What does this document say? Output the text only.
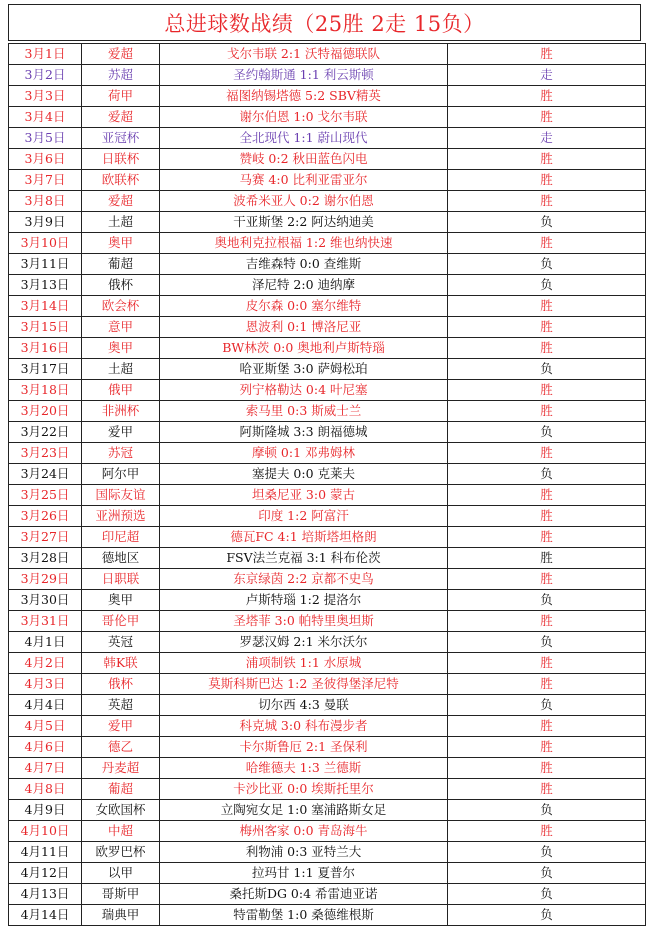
总进球数战绩（25胜 2走 15负）
3月1日	爱超	戈尔韦联 2:1 沃特福德联队	胜
3月2日	苏超	圣约翰斯通 1:1 利云斯顿	走
3月3日	荷甲	福图纳锡塔德 5:2 SBV精英	胜
3月4日	爱超	谢尔伯恩 1:0 戈尔韦联	胜
3月5日	亚冠杯	全北现代 1:1 蔚山现代	走
3月6日	日联杯	赞岐 0:2 秋田蓝色闪电	胜
3月7日	欧联杯	马赛 4:0 比利亚雷亚尔	胜
3月8日	爱超	波希米亚人 0:2 谢尔伯恩	胜
3月9日	土超	干亚斯堡 2:2 阿达纳迪美	负
3月10日	奥甲	奥地利克拉根福 1:2 维也纳快速	胜
3月11日	葡超	吉维森特 0:0 查维斯	负
3月13日	俄杯	泽尼特 2:0 迪纳摩	负
3月14日	欧会杯	皮尔森 0:0 塞尔维特	胜
3月15日	意甲	恩波利 0:1 博洛尼亚	胜
3月16日	奥甲	BW林茨 0:0 奥地利卢斯特瑙	胜
3月17日	土超	哈亚斯堡 3:0 萨姆松珀	负
3月18日	俄甲	列宁格勒达 0:4 叶尼塞	胜
3月20日	非洲杯	索马里 0:3 斯威士兰	胜
3月22日	爱甲	阿斯隆城 3:3 朗福德城	负
3月23日	苏冠	摩顿 0:1 邓弗姆林	胜
3月24日	阿尔甲	塞提夫 0:0 克莱夫	负
3月25日	国际友谊	坦桑尼亚 3:0 蒙古	胜
3月26日	亚洲预选	印度 1:2 阿富汗	胜
3月27日	印尼超	德瓦FC 4:1 培斯塔坦格朗	胜
3月28日	德地区	FSV法兰克福 3:1 科布伦茨	胜
3月29日	日职联	东京绿茵 2:2 京都不史鸟	胜
3月30日	奥甲	卢斯特瑙 1:2 提洛尔	负
3月31日	哥伦甲	圣塔菲 3:0 帕特里奥坦斯	胜
4月1日	英冠	罗瑟汉姆 2:1 米尔沃尔	负
4月2日	韩K联	浦项制铁 1:1 水原城	胜
4月3日	俄杯	莫斯科斯巴达 1:2 圣彼得堡泽尼特	胜
4月4日	英超	切尔西 4:3 曼联	负
4月5日	爱甲	科克城 3:0 科布漫步者	胜
4月6日	德乙	卡尔斯鲁厄 2:1 圣保利	胜
4月7日	丹麦超	哈维德夫 1:3 兰德斯	胜
4月8日	葡超	卡沙比亚 0:0 埃斯托里尔	胜
4月9日	女欧国杯	立陶宛女足 1:0 塞浦路斯女足	负
4月10日	中超	梅州客家 0:0 青岛海牛	胜
4月11日	欧罗巴杯	利物浦 0:3 亚特兰大	负
4月12日	以甲	拉玛甘 1:1 夏普尔	负
4月13日	哥斯甲	桑托斯DG 0:4 希雷迪亚诺	负
4月14日	瑞典甲	特雷勒堡 1:0 桑德维根斯	负
